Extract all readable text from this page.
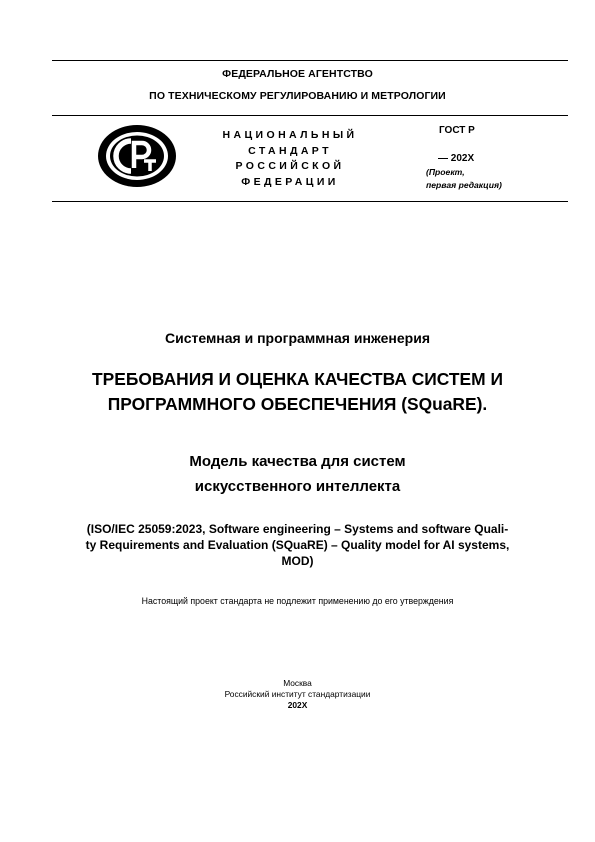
ФЕДЕРАЛЬНОЕ АГЕНТСТВО
ПО ТЕХНИЧЕСКОМУ РЕГУЛИРОВАНИЮ И МЕТРОЛОГИИ
НАЦИОНАЛЬНЫЙ
СТАНДАРТ
РОССИЙСКОЙ
ФЕДЕРАЦИИ
ГОСТ Р
— 202X
(Проект,
первая редакция)
Системная и программная инженерия
ТРЕБОВАНИЯ И ОЦЕНКА КАЧЕСТВА СИСТЕМ И
ПРОГРАММНОГО ОБЕСПЕЧЕНИЯ (SQuaRE).
Модель качества для систем
искусственного интеллекта
(ISO/IEC 25059:2023, Software engineering – Systems and software Quali-
ty Requirements and Evaluation (SQuaRE) – Quality model for AI systems,
MOD)
Настоящий проект стандарта не подлежит применению до его утверждения
Москва
Российский институт стандартизации
202X
